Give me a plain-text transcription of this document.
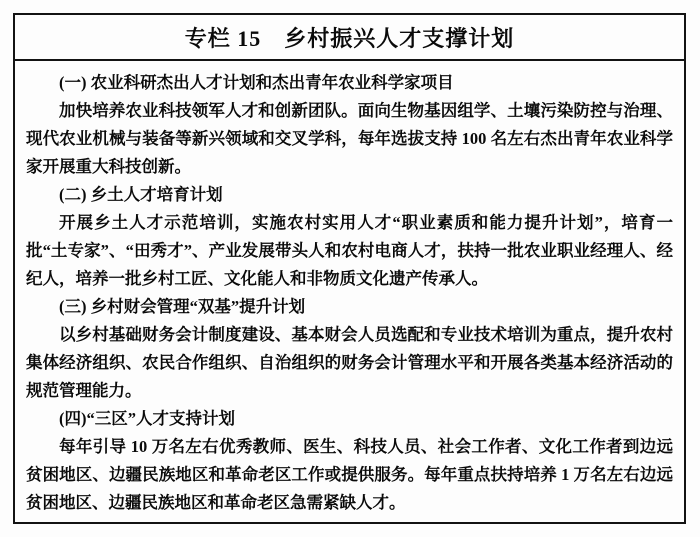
专栏 15　乡村振兴人才支撑计划

(一) 农业科研杰出人才计划和杰出青年农业科学家项目

加快培养农业科技领军人才和创新团队。面向生物基因组学、土壤污染防控与治理、现代农业机械与装备等新兴领域和交叉学科，每年选拔支持 100 名左右杰出青年农业科学家开展重大科技创新。

(二) 乡土人才培育计划

开展乡土人才示范培训，实施农村实用人才“职业素质和能力提升计划”，培育一批“土专家”、“田秀才”、产业发展带头人和农村电商人才，扶持一批农业职业经理人、经纪人，培养一批乡村工匠、文化能人和非物质文化遗产传承人。

(三) 乡村财会管理“双基”提升计划

以乡村基础财务会计制度建设、基本财会人员选配和专业技术培训为重点，提升农村集体经济组织、农民合作组织、自治组织的财务会计管理水平和开展各类基本经济活动的规范管理能力。

(四)“三区”人才支持计划

每年引导 10 万名左右优秀教师、医生、科技人员、社会工作者、文化工作者到边远贫困地区、边疆民族地区和革命老区工作或提供服务。每年重点扶持培养 1 万名左右边远贫困地区、边疆民族地区和革命老区急需紧缺人才。
